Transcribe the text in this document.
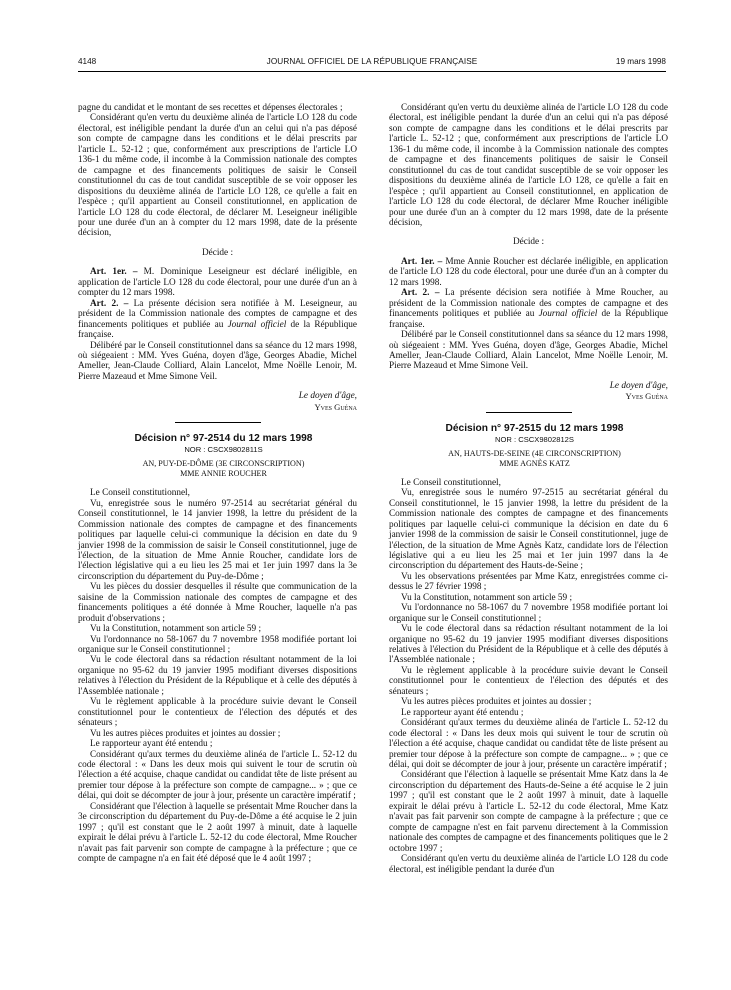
4148	JOURNAL OFFICIEL DE LA RÉPUBLIQUE FRANÇAISE	19 mars 1998

pagne du candidat et le montant de ses recettes et dépenses électorales ;

Considérant qu'en vertu du deuxième alinéa de l'article LO 128 du code électoral, est inéligible pendant la durée d'un an celui qui n'a pas déposé son compte de campagne dans les conditions et le délai prescrits par l'article L. 52-12 ; que, conformément aux prescriptions de l'article LO 136-1 du même code, il incombe à la Commission nationale des comptes de campagne et des financements politiques de saisir le Conseil constitutionnel du cas de tout candidat susceptible de se voir opposer les dispositions du deuxième alinéa de l'article LO 128, ce qu'elle a fait en l'espèce ; qu'il appartient au Conseil constitutionnel, en application de l'article LO 128 du code électoral, de déclarer M. Leseigneur inéligible pour une durée d'un an à compter du 12 mars 1998, date de la présente décision,

Décide :

Art. 1er. – M. Dominique Leseigneur est déclaré inéligible, en application de l'article LO 128 du code électoral, pour une durée d'un an à compter du 12 mars 1998.

Art. 2. – La présente décision sera notifiée à M. Leseigneur, au président de la Commission nationale des comptes de campagne et des financements politiques et publiée au Journal officiel de la République française.

Délibéré par le Conseil constitutionnel dans sa séance du 12 mars 1998, où siégeaient : MM. Yves Guéna, doyen d'âge, Georges Abadie, Michel Ameller, Jean-Claude Colliard, Alain Lancelot, Mme Noëlle Lenoir, M. Pierre Mazeaud et Mme Simone Veil.

Le doyen d'âge,
Yves Guéna

Décision n° 97-2514 du 12 mars 1998

NOR : CSCX9802811S

AN, PUY-DE-DÔME (3E CIRCONSCRIPTION)

MME ANNIE ROUCHER

Le Conseil constitutionnel,

Vu, enregistrée sous le numéro 97-2514 au secrétariat général du Conseil constitutionnel, le 14 janvier 1998, la lettre du président de la Commission nationale des comptes de campagne et des financements politiques par laquelle celui-ci communique la décision en date du 9 janvier 1998 de la commission de saisir le Conseil constitutionnel, juge de l'élection, de la situation de Mme Annie Roucher, candidate lors de l'élection législative qui a eu lieu les 25 mai et 1er juin 1997 dans la 3e circonscription du département du Puy-de-Dôme ;

Vu les pièces du dossier desquelles il résulte que communication de la saisine de la Commission nationale des comptes de campagne et des financements politiques a été donnée à Mme Roucher, laquelle n'a pas produit d'observations ;

Vu la Constitution, notamment son article 59 ;

Vu l'ordonnance no 58-1067 du 7 novembre 1958 modifiée portant loi organique sur le Conseil constitutionnel ;

Vu le code électoral dans sa rédaction résultant notamment de la loi organique no 95-62 du 19 janvier 1995 modifiant diverses dispositions relatives à l'élection du Président de la République et à celle des députés à l'Assemblée nationale ;

Vu le règlement applicable à la procédure suivie devant le Conseil constitutionnel pour le contentieux de l'élection des députés et des sénateurs ;

Vu les autres pièces produites et jointes au dossier ;

Le rapporteur ayant été entendu ;

Considérant qu'aux termes du deuxième alinéa de l'article L. 52-12 du code électoral : « Dans les deux mois qui suivent le tour de scrutin où l'élection a été acquise, chaque candidat ou candidat tête de liste présent au premier tour dépose à la préfecture son compte de campagne... » ; que ce délai, qui doit se décompter de jour à jour, présente un caractère impératif ;

Considérant que l'élection à laquelle se présentait Mme Roucher dans la 3e circonscription du département du Puy-de-Dôme a été acquise le 2 juin 1997 ; qu'il est constant que le 2 août 1997 à minuit, date à laquelle expirait le délai prévu à l'article L. 52-12 du code électoral, Mme Roucher n'avait pas fait parvenir son compte de campagne à la préfecture ; que ce compte de campagne n'a en fait été déposé que le 4 août 1997 ;

Considérant qu'en vertu du deuxième alinéa de l'article LO 128 du code électoral, est inéligible pendant la durée d'un an celui qui n'a pas déposé son compte de campagne dans les conditions et le délai prescrits par l'article L. 52-12 ; que, conformément aux prescriptions de l'article LO 136-1 du même code, il incombe à la Commission nationale des comptes de campagne et des financements politiques de saisir le Conseil constitutionnel du cas de tout candidat susceptible de se voir opposer les dispositions du deuxième alinéa de l'article LO 128, ce qu'elle a fait en l'espèce ; qu'il appartient au Conseil constitutionnel, en application de l'article LO 128 du code électoral, de déclarer Mme Roucher inéligible pour une durée d'un an à compter du 12 mars 1998, date de la présente décision,

Décide :

Art. 1er. – Mme Annie Roucher est déclarée inéligible, en application de l'article LO 128 du code électoral, pour une durée d'un an à compter du 12 mars 1998.

Art. 2. – La présente décision sera notifiée à Mme Roucher, au président de la Commission nationale des comptes de campagne et des financements politiques et publiée au Journal officiel de la République française.

Délibéré par le Conseil constitutionnel dans sa séance du 12 mars 1998, où siégeaient : MM. Yves Guéna, doyen d'âge, Georges Abadie, Michel Ameller, Jean-Claude Colliard, Alain Lancelot, Mme Noëlle Lenoir, M. Pierre Mazeaud et Mme Simone Veil.

Le doyen d'âge,
Yves Guéna

Décision n° 97-2515 du 12 mars 1998

NOR : CSCX9802812S

AN, HAUTS-DE-SEINE (4E CIRCONSCRIPTION)

MME AGNÈS KATZ

Le Conseil constitutionnel,

Vu, enregistrée sous le numéro 97-2515 au secrétariat général du Conseil constitutionnel, le 15 janvier 1998, la lettre du président de la Commission nationale des comptes de campagne et des financements politiques par laquelle celui-ci communique la décision en date du 6 janvier 1998 de la commission de saisir le Conseil constitutionnel, juge de l'élection, de la situation de Mme Agnès Katz, candidate lors de l'élection législative qui a eu lieu les 25 mai et 1er juin 1997 dans la 4e circonscription du département des Hauts-de-Seine ;

Vu les observations présentées par Mme Katz, enregistrées comme ci-dessus le 27 février 1998 ;

Vu la Constitution, notamment son article 59 ;

Vu l'ordonnance no 58-1067 du 7 novembre 1958 modifiée portant loi organique sur le Conseil constitutionnel ;

Vu le code électoral dans sa rédaction résultant notamment de la loi organique no 95-62 du 19 janvier 1995 modifiant diverses dispositions relatives à l'élection du Président de la République et à celle des députés à l'Assemblée nationale ;

Vu le règlement applicable à la procédure suivie devant le Conseil constitutionnel pour le contentieux de l'élection des députés et des sénateurs ;

Vu les autres pièces produites et jointes au dossier ;

Le rapporteur ayant été entendu ;

Considérant qu'aux termes du deuxième alinéa de l'article L. 52-12 du code électoral : « Dans les deux mois qui suivent le tour de scrutin où l'élection a été acquise, chaque candidat ou candidat tête de liste présent au premier tour dépose à la préfecture son compte de campagne... » ; que ce délai, qui doit se décompter de jour à jour, présente un caractère impératif ;

Considérant que l'élection à laquelle se présentait Mme Katz dans la 4e circonscription du département des Hauts-de-Seine a été acquise le 2 juin 1997 ; qu'il est constant que le 2 août 1997 à minuit, date à laquelle expirait le délai prévu à l'article L. 52-12 du code électoral, Mme Katz n'avait pas fait parvenir son compte de campagne à la préfecture ; que ce compte de campagne n'est en fait parvenu directement à la Commission nationale des comptes de campagne et des financements politiques que le 2 octobre 1997 ;

Considérant qu'en vertu du deuxième alinéa de l'article LO 128 du code électoral, est inéligible pendant la durée d'un
